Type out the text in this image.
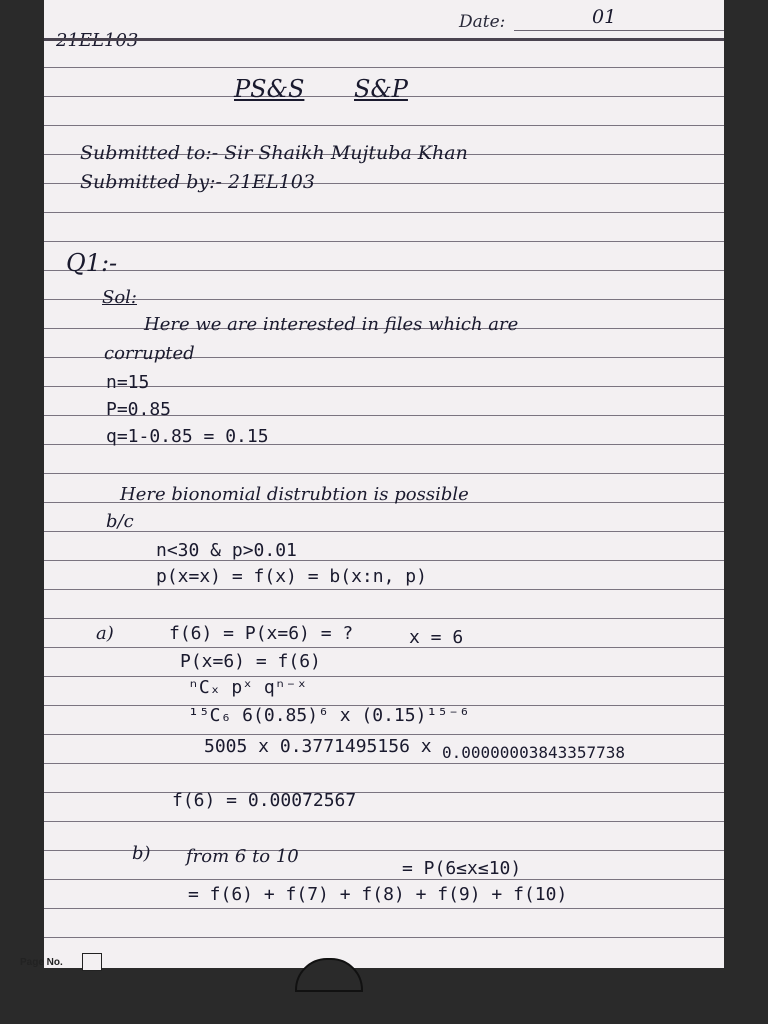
Date:	01
PS&S S&P
Submitted to:- Sir Shaikh Mujtuba Khan
Submitted by:- 21EL103
Q1:-
Sol:
Here we are interested in files which are
corrupted
n=15
P=0.85
q=1-0.85 = 0.15
Here bionomial distrubtion is possible
b/c
n<30 & p>0.01
p(x=x) = f(x) = b(x:n, p)
a)	f(6) = P(x=6) = ?	x = 6
P(x=6) = f(6)
ⁿCₓ pˣ qⁿ⁻ˣ
¹⁵C₆ 6(0.85)⁶ x (0.15)¹⁵⁻⁶
5005 x 0.3771495156 x 0.00000003843357738
f(6) = 0.00072567
b) from 6 to 10
= P(6≤x≤10)
= f(6) + f(7) + f(8) + f(9) + f(10)
Page No.
